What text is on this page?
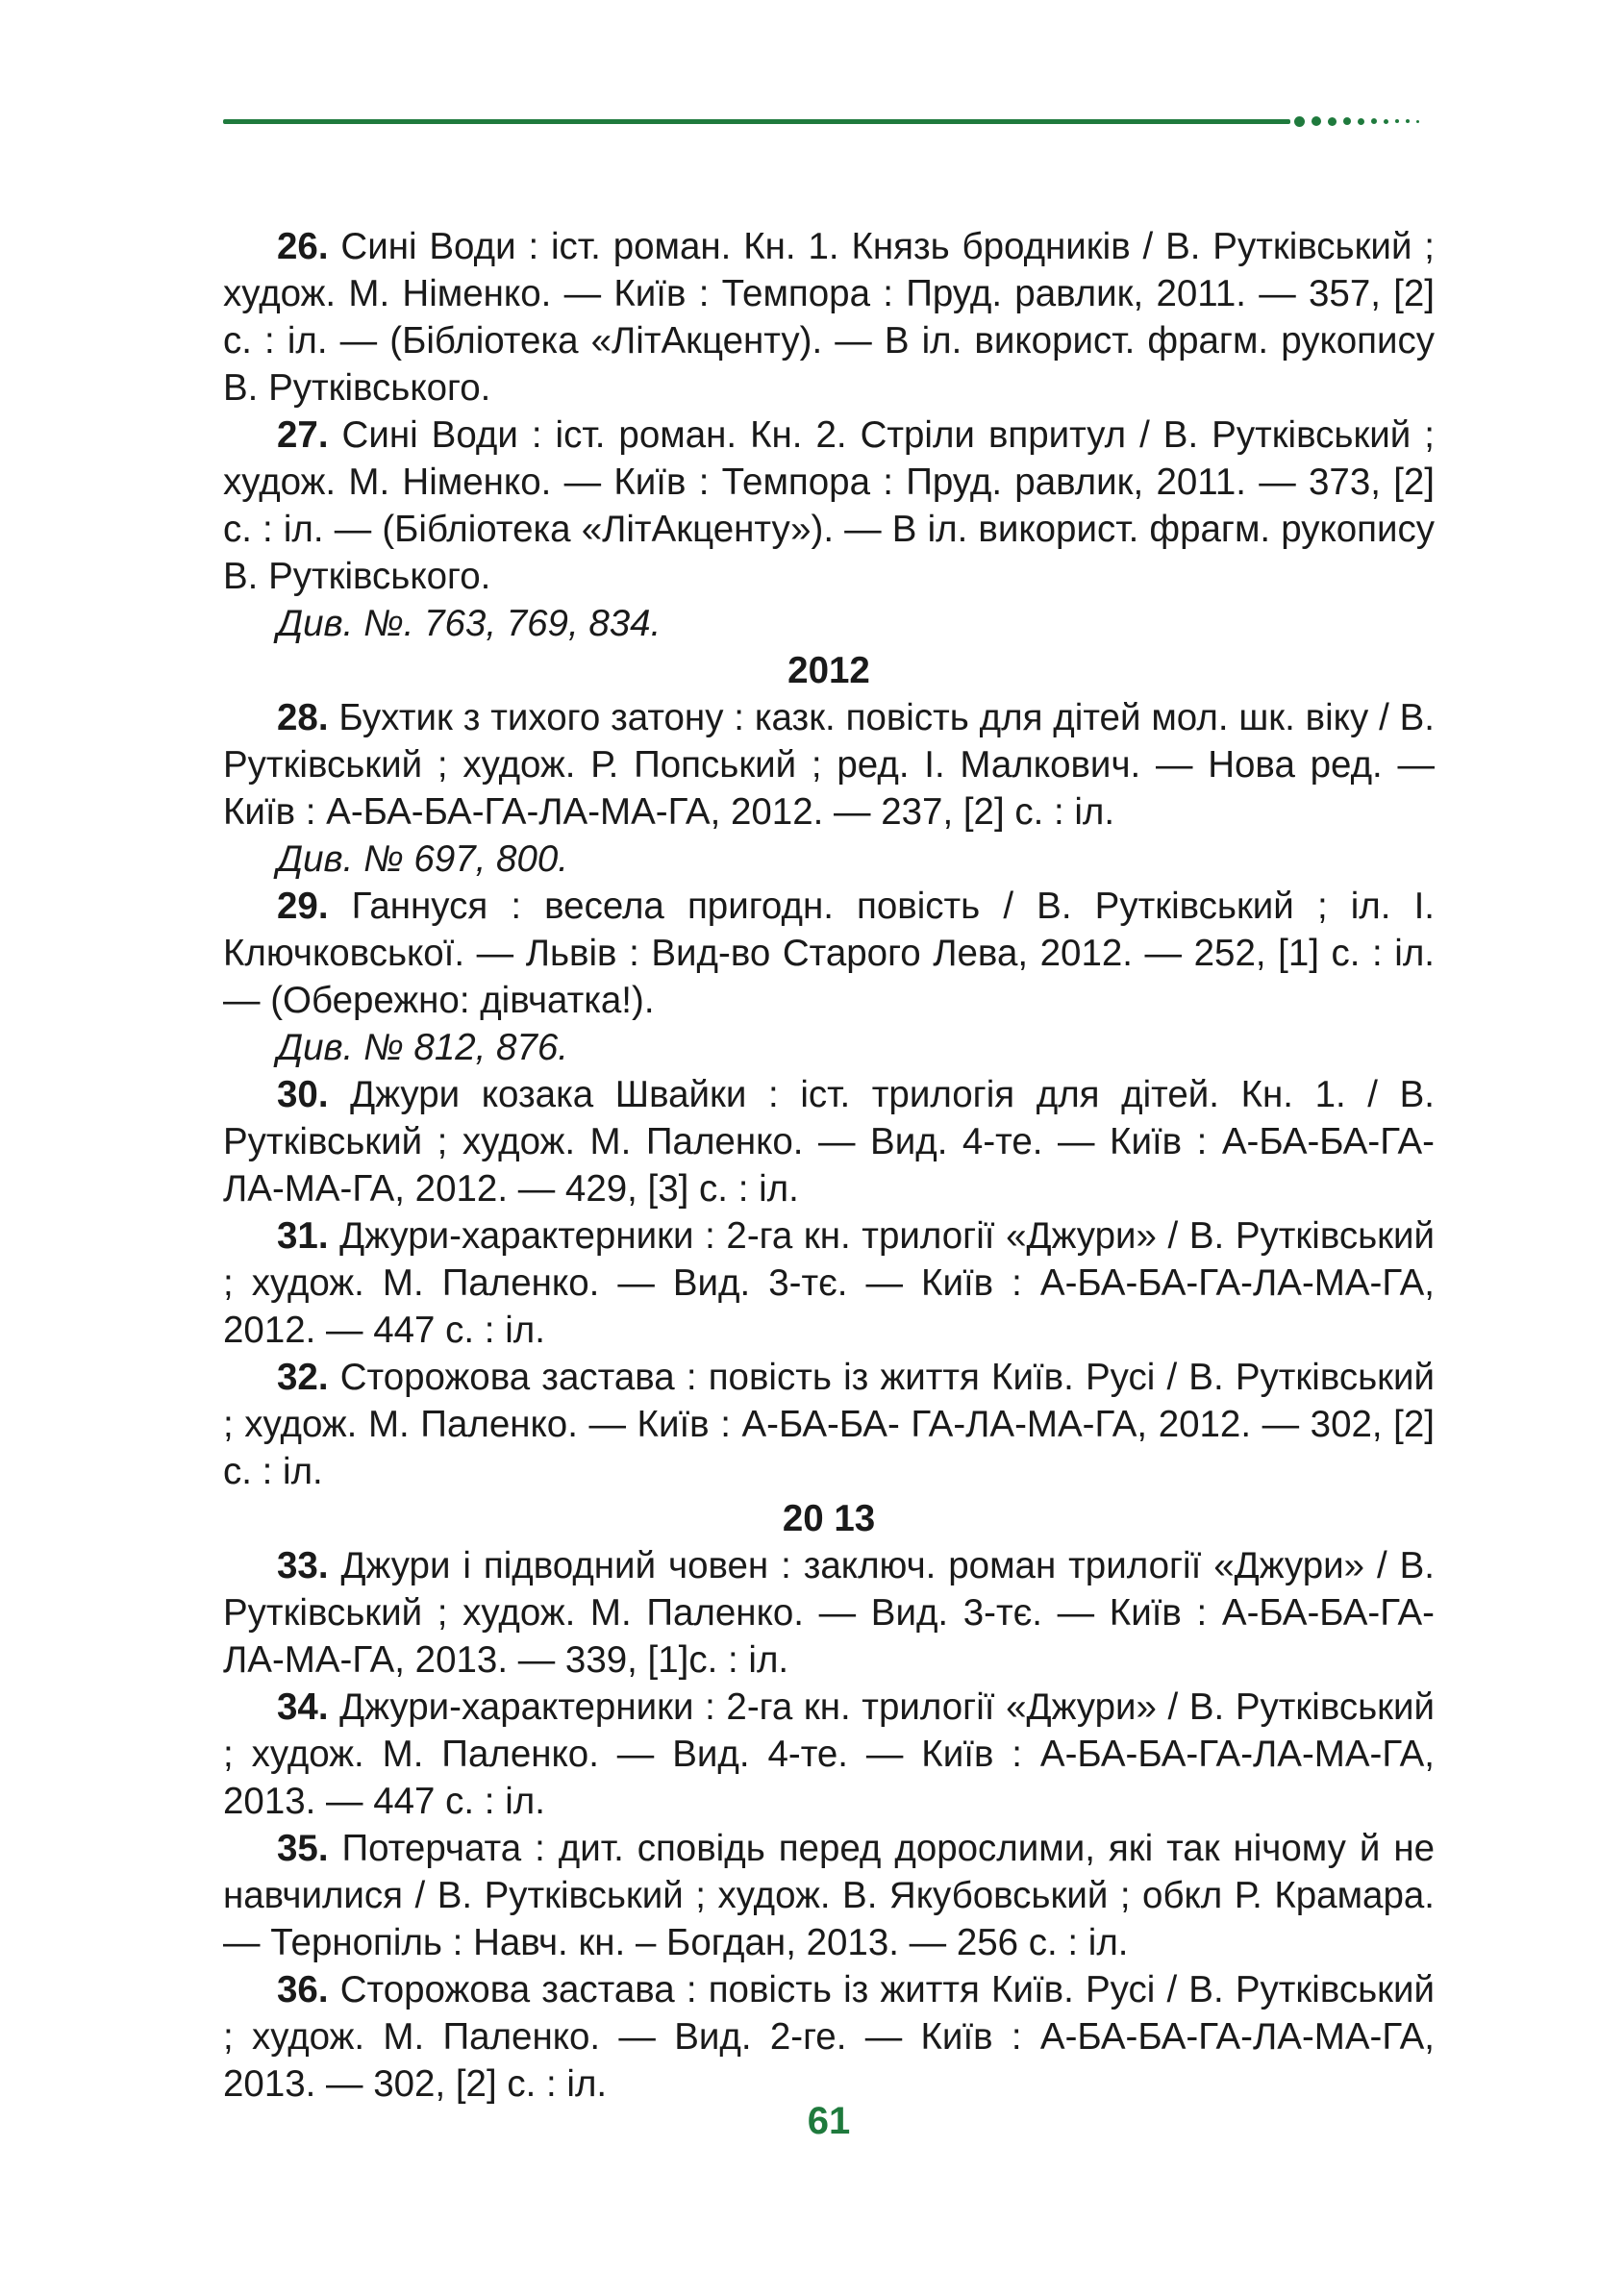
26. Сині Води : іст. роман. Кн. 1. Князь бродників / В. Рутківський ; худож. М. Німенко. — Київ : Темпора : Пруд. равлик, 2011. — 357, [2] с. : іл. — (Бібліотека «ЛітАкценту). — В іл. використ. фрагм. рукопису В. Рутківського.

27. Сині Води : іст. роман. Кн. 2. Стріли впритул / В. Рутківський ; худож. М. Німенко. — Київ : Темпора : Пруд. равлик, 2011. — 373, [2] с. : іл. — (Бібліотека «ЛітАкценту»). — В іл. використ. фрагм. рукопису В. Рутківського.

Див. №. 763, 769, 834.

2012

28. Бухтик з тихого затону : казк. повість для дітей мол. шк. віку / В. Рутківський ; худож. Р. Попський ; ред. І. Малкович. — Нова ред. — Київ : А-БА-БА-ГА-ЛА-МА-ГА, 2012. — 237, [2] с. : іл.

Див. № 697, 800.

29. Ганнуся : весела пригодн. повість / В. Рутківський ; іл. І. Ключковської. — Львів : Вид-во Старого Лева, 2012. — 252, [1] с. : іл. — (Обережно: дівчатка!).

Див. № 812, 876.

30. Джури козака Швайки : іст. трилогія для дітей. Кн. 1. / В. Рутківський ; худож. М. Паленко. — Вид. 4-те. — Київ : А-БА-БА-ГА-ЛА-МА-ГА, 2012. — 429, [3] с. : іл.

31. Джури-характерники : 2-га кн. трилогії «Джури» / В. Рутківський ; худож. М. Паленко. — Вид. 3-тє. — Київ : А-БА-БА-ГА-ЛА-МА-ГА, 2012. — 447 с. : іл.

32. Сторожова застава : повість із життя Київ. Русі / В. Рутківський ; худож. М. Паленко. — Київ : А-БА-БА- ГА-ЛА-МА-ГА, 2012. — 302, [2] с. : іл.

20 13

33. Джури і підводний човен : заключ. роман трилогії «Джури» / В. Рутківський ; худож. М. Паленко. — Вид. 3-тє. — Київ : А-БА-БА-ГА-ЛА-МА-ГА, 2013. — 339, [1]с. : іл.

34. Джури-характерники : 2-га кн. трилогії «Джури» / В. Рутківський ; худож. М. Паленко. — Вид. 4-те. — Київ : А-БА-БА-ГА-ЛА-МА-ГА, 2013. — 447 с. : іл.

35. Потерчата : дит. сповідь перед дорослими, які так нічому й не навчилися / В. Рутківський ; худож. В. Якубовський ; обкл Р. Крамара. — Тернопіль : Навч. кн. – Богдан, 2013. — 256 с. : іл.

36. Сторожова застава : повість із життя Київ. Русі / В. Рутківський ; худож. М. Паленко. — Вид. 2-ге. — Київ : А-БА-БА-ГА-ЛА-МА-ГА, 2013. — 302, [2] с. : іл.

61
